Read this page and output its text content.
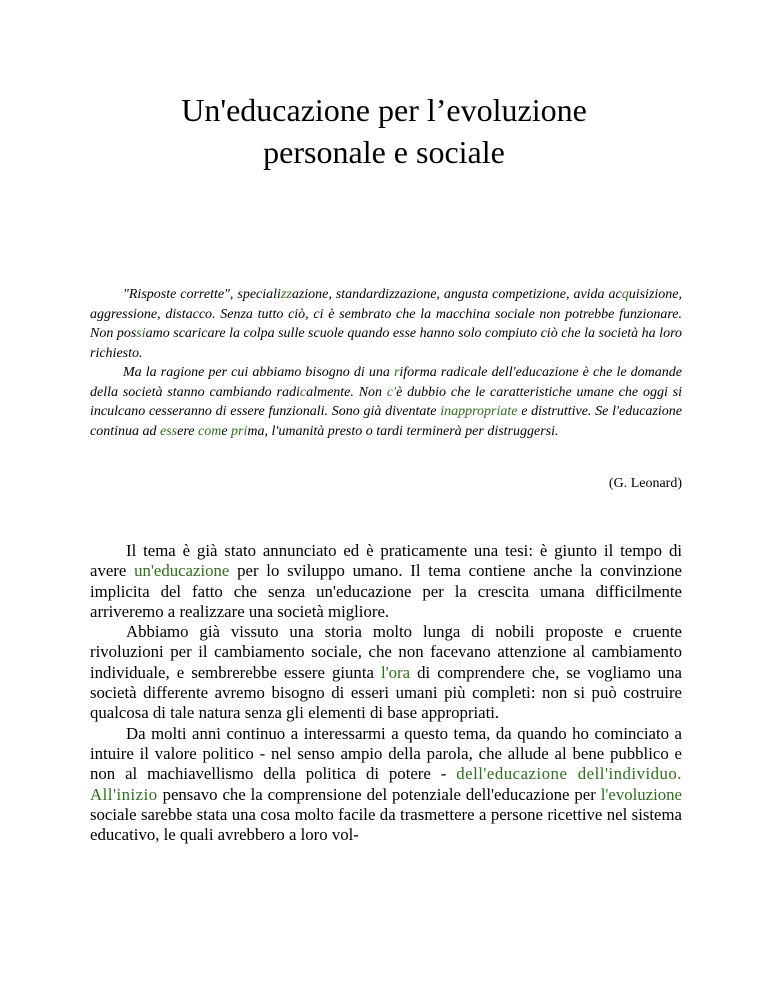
Un'educazione per l’evoluzione
personale e sociale

"Risposte corrette", specializzazione, standardizzazione, angusta competizione, avida acquisizione, aggressione, distacco. Senza tutto ciò, ci è sembrato che la macchina sociale non potrebbe funzionare. Non possiamo scaricare la colpa sulle scuole quando esse hanno solo compiuto ciò che la società ha loro richiesto.

Ma la ragione per cui abbiamo bisogno di una riforma radicale dell'educazione è che le domande della società stanno cambiando radicalmente. Non c'è dubbio che le caratteristiche umane che oggi si inculcano cesseranno di essere funzionali. Sono già diventate inappropriate e distruttive. Se l'educazione continua ad essere come prima, l'umanità presto o tardi terminerà per distruggersi.

(G. Leonard)

Il tema è già stato annunciato ed è praticamente una tesi: è giunto il tempo di avere un'educazione per lo sviluppo umano. Il tema contiene anche la convinzione implicita del fatto che senza un'educazione per la crescita umana difficilmente arriveremo a realizzare una società migliore.

Abbiamo già vissuto una storia molto lunga di nobili proposte e cruente rivoluzioni per il cambiamento sociale, che non facevano attenzione al cambiamento individuale, e sembrerebbe essere giunta l'ora di comprendere che, se vogliamo una società differente avremo bisogno di esseri umani più completi: non si può costruire qualcosa di tale natura senza gli elementi di base appropriati.

Da molti anni continuo a interessarmi a questo tema, da quando ho cominciato a intuire il valore politico - nel senso ampio della parola, che allude al bene pubblico e non al machiavellismo della politica di potere - dell'educazione dell'individuo. All'inizio pensavo che la comprensione del potenziale dell'educazione per l'evoluzione sociale sarebbe stata una cosa molto facile da trasmettere a persone ricettive nel sistema educativo, le quali avrebbero a loro vol-
